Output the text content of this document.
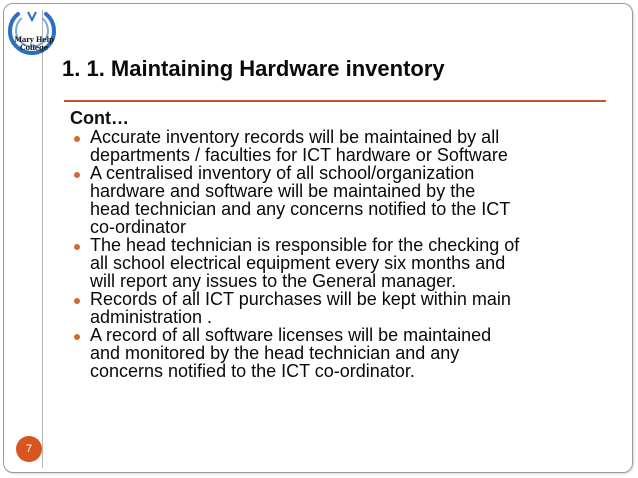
Mary Help
College
1. 1. Maintaining Hardware inventory
Cont…
Accurate inventory records will be maintained by all
departments / faculties for ICT hardware or Software
A centralised inventory of all school/organization
hardware and software will be maintained by the
head technician and any concerns notified to the ICT
co-ordinator
The head technician is responsible for the checking of
all school electrical equipment every six months and
will report any issues to the General manager.
Records of all ICT purchases will be kept within main
administration .
A record of all software licenses will be maintained
and monitored by the head technician and any
concerns notified to the ICT co-ordinator.
7
